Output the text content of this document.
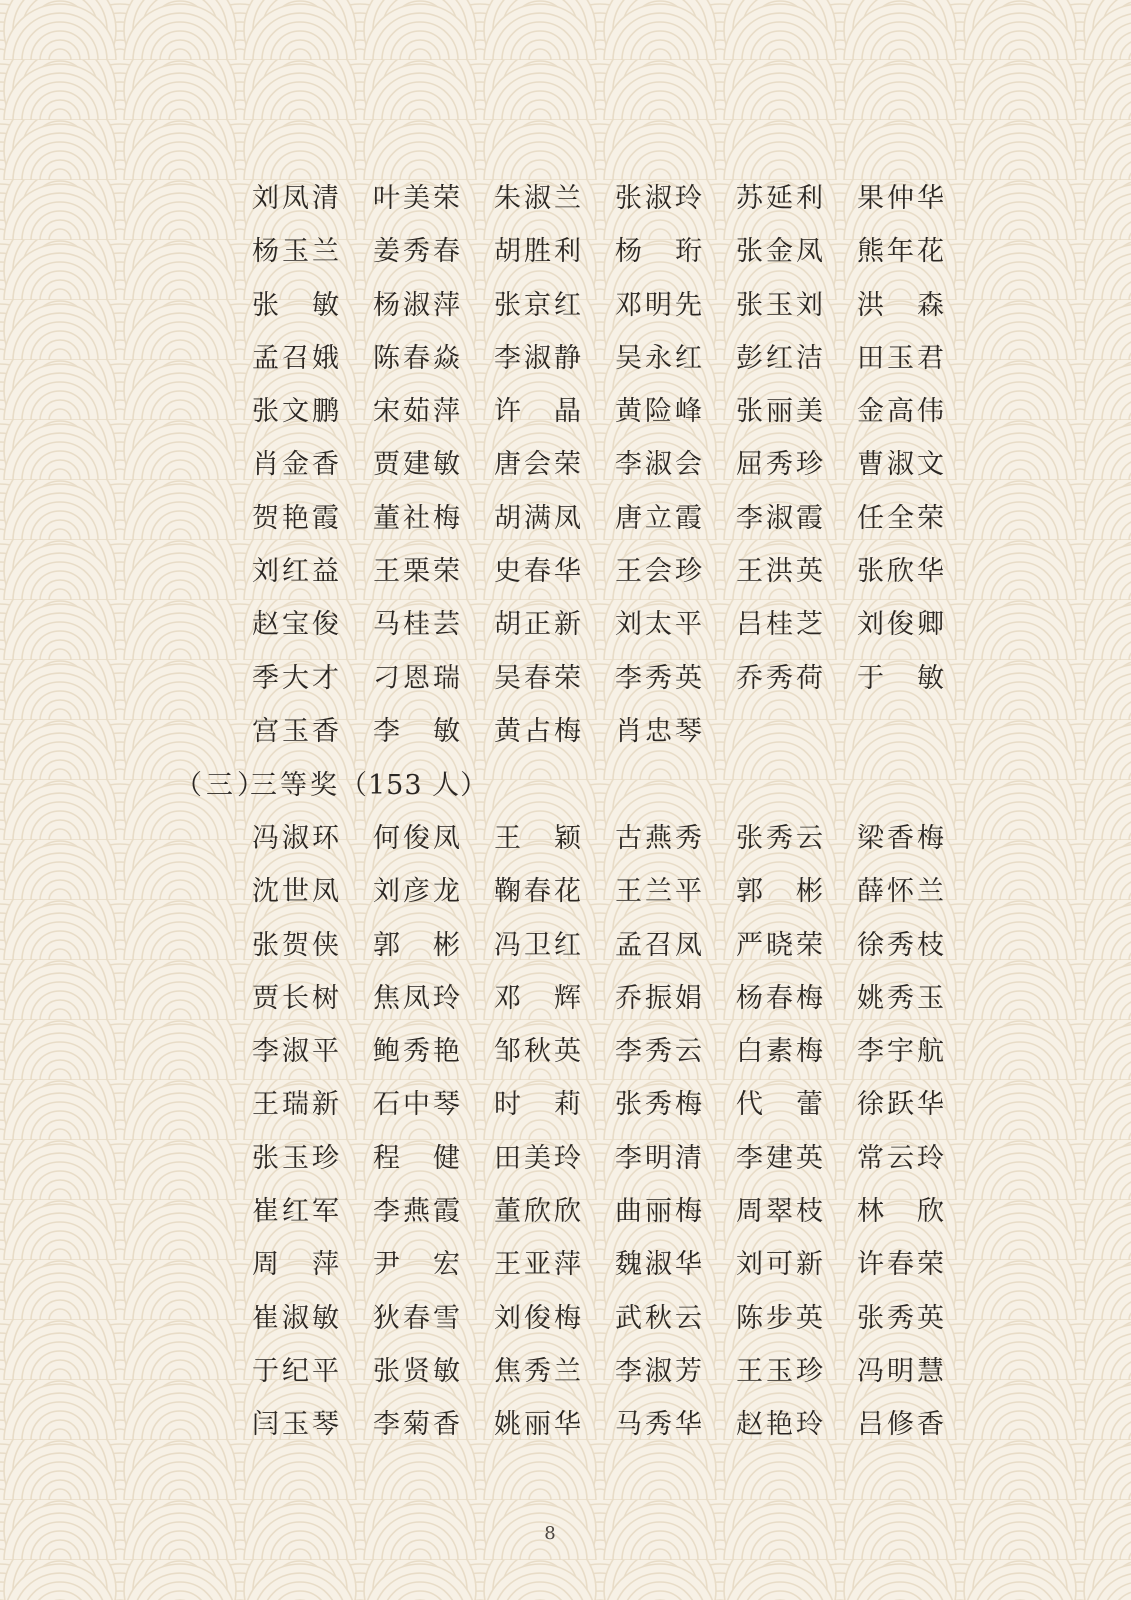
刘凤清	叶美荣	朱淑兰	张淑玲	苏延利	果仲华
杨玉兰	姜秀春	胡胜利	杨　珩	张金凤	熊年花
张　敏	杨淑萍	张京红	邓明先	张玉刘	洪　森
孟召娥	陈春焱	李淑静	吴永红	彭红洁	田玉君
张文鹏	宋茹萍	许　晶	黄险峰	张丽美	金高伟
肖金香	贾建敏	唐会荣	李淑会	屈秀珍	曹淑文
贺艳霞	董社梅	胡满凤	唐立霞	李淑霞	任全荣
刘红益	王栗荣	史春华	王会珍	王洪英	张欣华
赵宝俊	马桂芸	胡正新	刘太平	吕桂芝	刘俊卿
季大才	刁恩瑞	吴春荣	李秀英	乔秀荷	于　敏
宫玉香	李　敏	黄占梅	肖忠琴
（三）三等奖（153 人）
冯淑环	何俊凤	王　颖	古燕秀	张秀云	梁香梅
沈世凤	刘彦龙	鞠春花	王兰平	郭　彬	薛怀兰
张贺侠	郭　彬	冯卫红	孟召凤	严晓荣	徐秀枝
贾长树	焦凤玲	邓　辉	乔振娟	杨春梅	姚秀玉
李淑平	鲍秀艳	邹秋英	李秀云	白素梅	李宇航
王瑞新	石中琴	时　莉	张秀梅	代　蕾	徐跃华
张玉珍	程　健	田美玲	李明清	李建英	常云玲
崔红军	李燕霞	董欣欣	曲丽梅	周翠枝	林　欣
周　萍	尹　宏	王亚萍	魏淑华	刘可新	许春荣
崔淑敏	狄春雪	刘俊梅	武秋云	陈步英	张秀英
于纪平	张贤敏	焦秀兰	李淑芳	王玉珍	冯明慧
闫玉琴	李菊香	姚丽华	马秀华	赵艳玲	吕修香
8
